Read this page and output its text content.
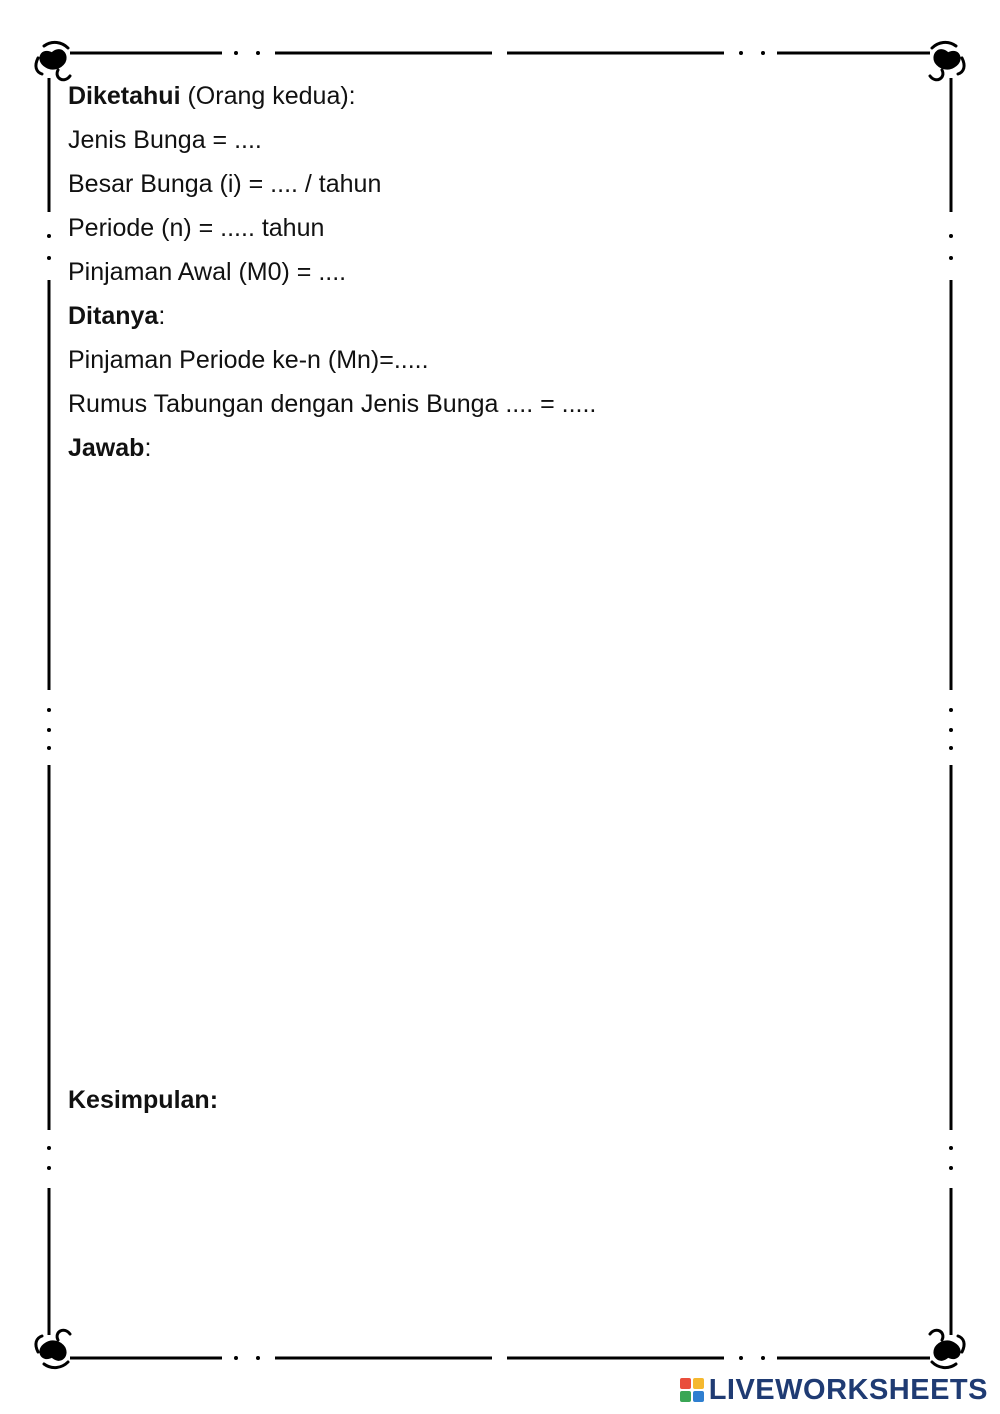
Diketahui (Orang kedua):
Jenis Bunga = ....
Besar Bunga (i) = .... / tahun
Periode (n) = ..... tahun
Pinjaman Awal (M0) = ....
Ditanya:
Pinjaman Periode ke-n (Mn)=.....
Rumus Tabungan dengan Jenis Bunga .... = .....
Jawab:
Kesimpulan:
LIVEWORKSHEETS
